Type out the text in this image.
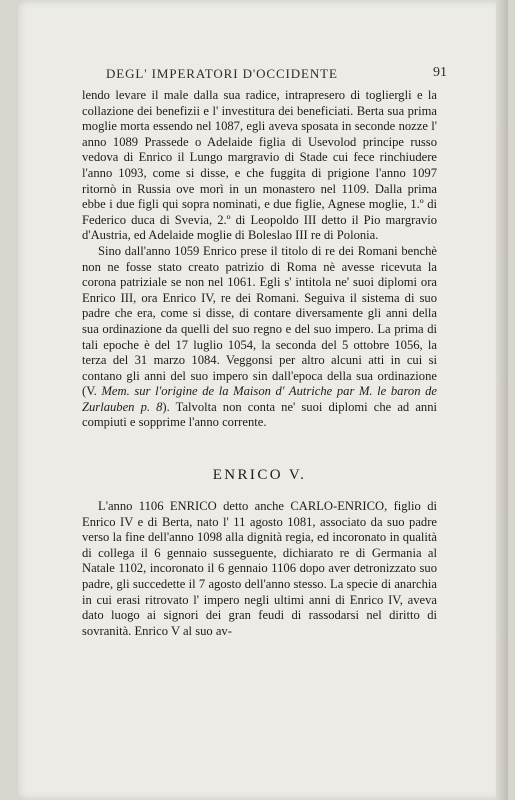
DEGL' IMPERATORI D'OCCIDENTE	91

lendo levare il male dalla sua radice, intrapresero di togliergli e la collazione dei benefizii e l' investitura dei beneficiati. Berta sua prima moglie morta essendo nel 1087, egli aveva sposata in seconde nozze l' anno 1089 Prassede o Adelaide figlia di Usevolod principe russo vedova di Enrico il Lungo margravio di Stade cui fece rinchiudere l'anno 1093, come si disse, e che fuggita di prigione l'anno 1097 ritornò in Russia ove morì in un monastero nel 1109. Dalla prima ebbe i due figli qui sopra nominati, e due figlie, Agnese moglie, 1.º di Federico duca di Svevia, 2.º di Leopoldo III detto il Pio margravio d'Austria, ed Adelaide moglie di Boleslao III re di Polonia.

Sino dall'anno 1059 Enrico prese il titolo di re dei Romani benchè non ne fosse stato creato patrizio di Roma nè avesse ricevuta la corona patriziale se non nel 1061. Egli s' intitola ne' suoi diplomi ora Enrico III, ora Enrico IV, re dei Romani. Seguiva il sistema di suo padre che era, come si disse, di contare diversamente gli anni della sua ordinazione da quelli del suo regno e del suo impero. La prima di tali epoche è del 17 luglio 1054, la seconda del 5 ottobre 1056, la terza del 31 marzo 1084. Veggonsi per altro alcuni atti in cui si contano gli anni del suo impero sin dall'epoca della sua ordinazione (V. Mem. sur l'origine de la Maison d' Autriche par M. le baron de Zurlauben p. 8). Talvolta non conta ne' suoi diplomi che ad anni compiuti e sopprime l'anno corrente.

ENRICO V.

L'anno 1106 ENRICO detto anche CARLO-ENRICO, figlio di Enrico IV e di Berta, nato l' 11 agosto 1081, associato da suo padre verso la fine dell'anno 1098 alla dignità regia, ed incoronato in qualità di collega il 6 gennaio susseguente, dichiarato re di Germania al Natale 1102, incoronato il 6 gennaio 1106 dopo aver detronizzato suo padre, gli succedette il 7 agosto dell'anno stesso. La specie di anarchia in cui erasi ritrovato l' impero negli ultimi anni di Enrico IV, aveva dato luogo ai signori dei gran feudi di rassodarsi nel diritto di sovranità. Enrico V al suo av-
